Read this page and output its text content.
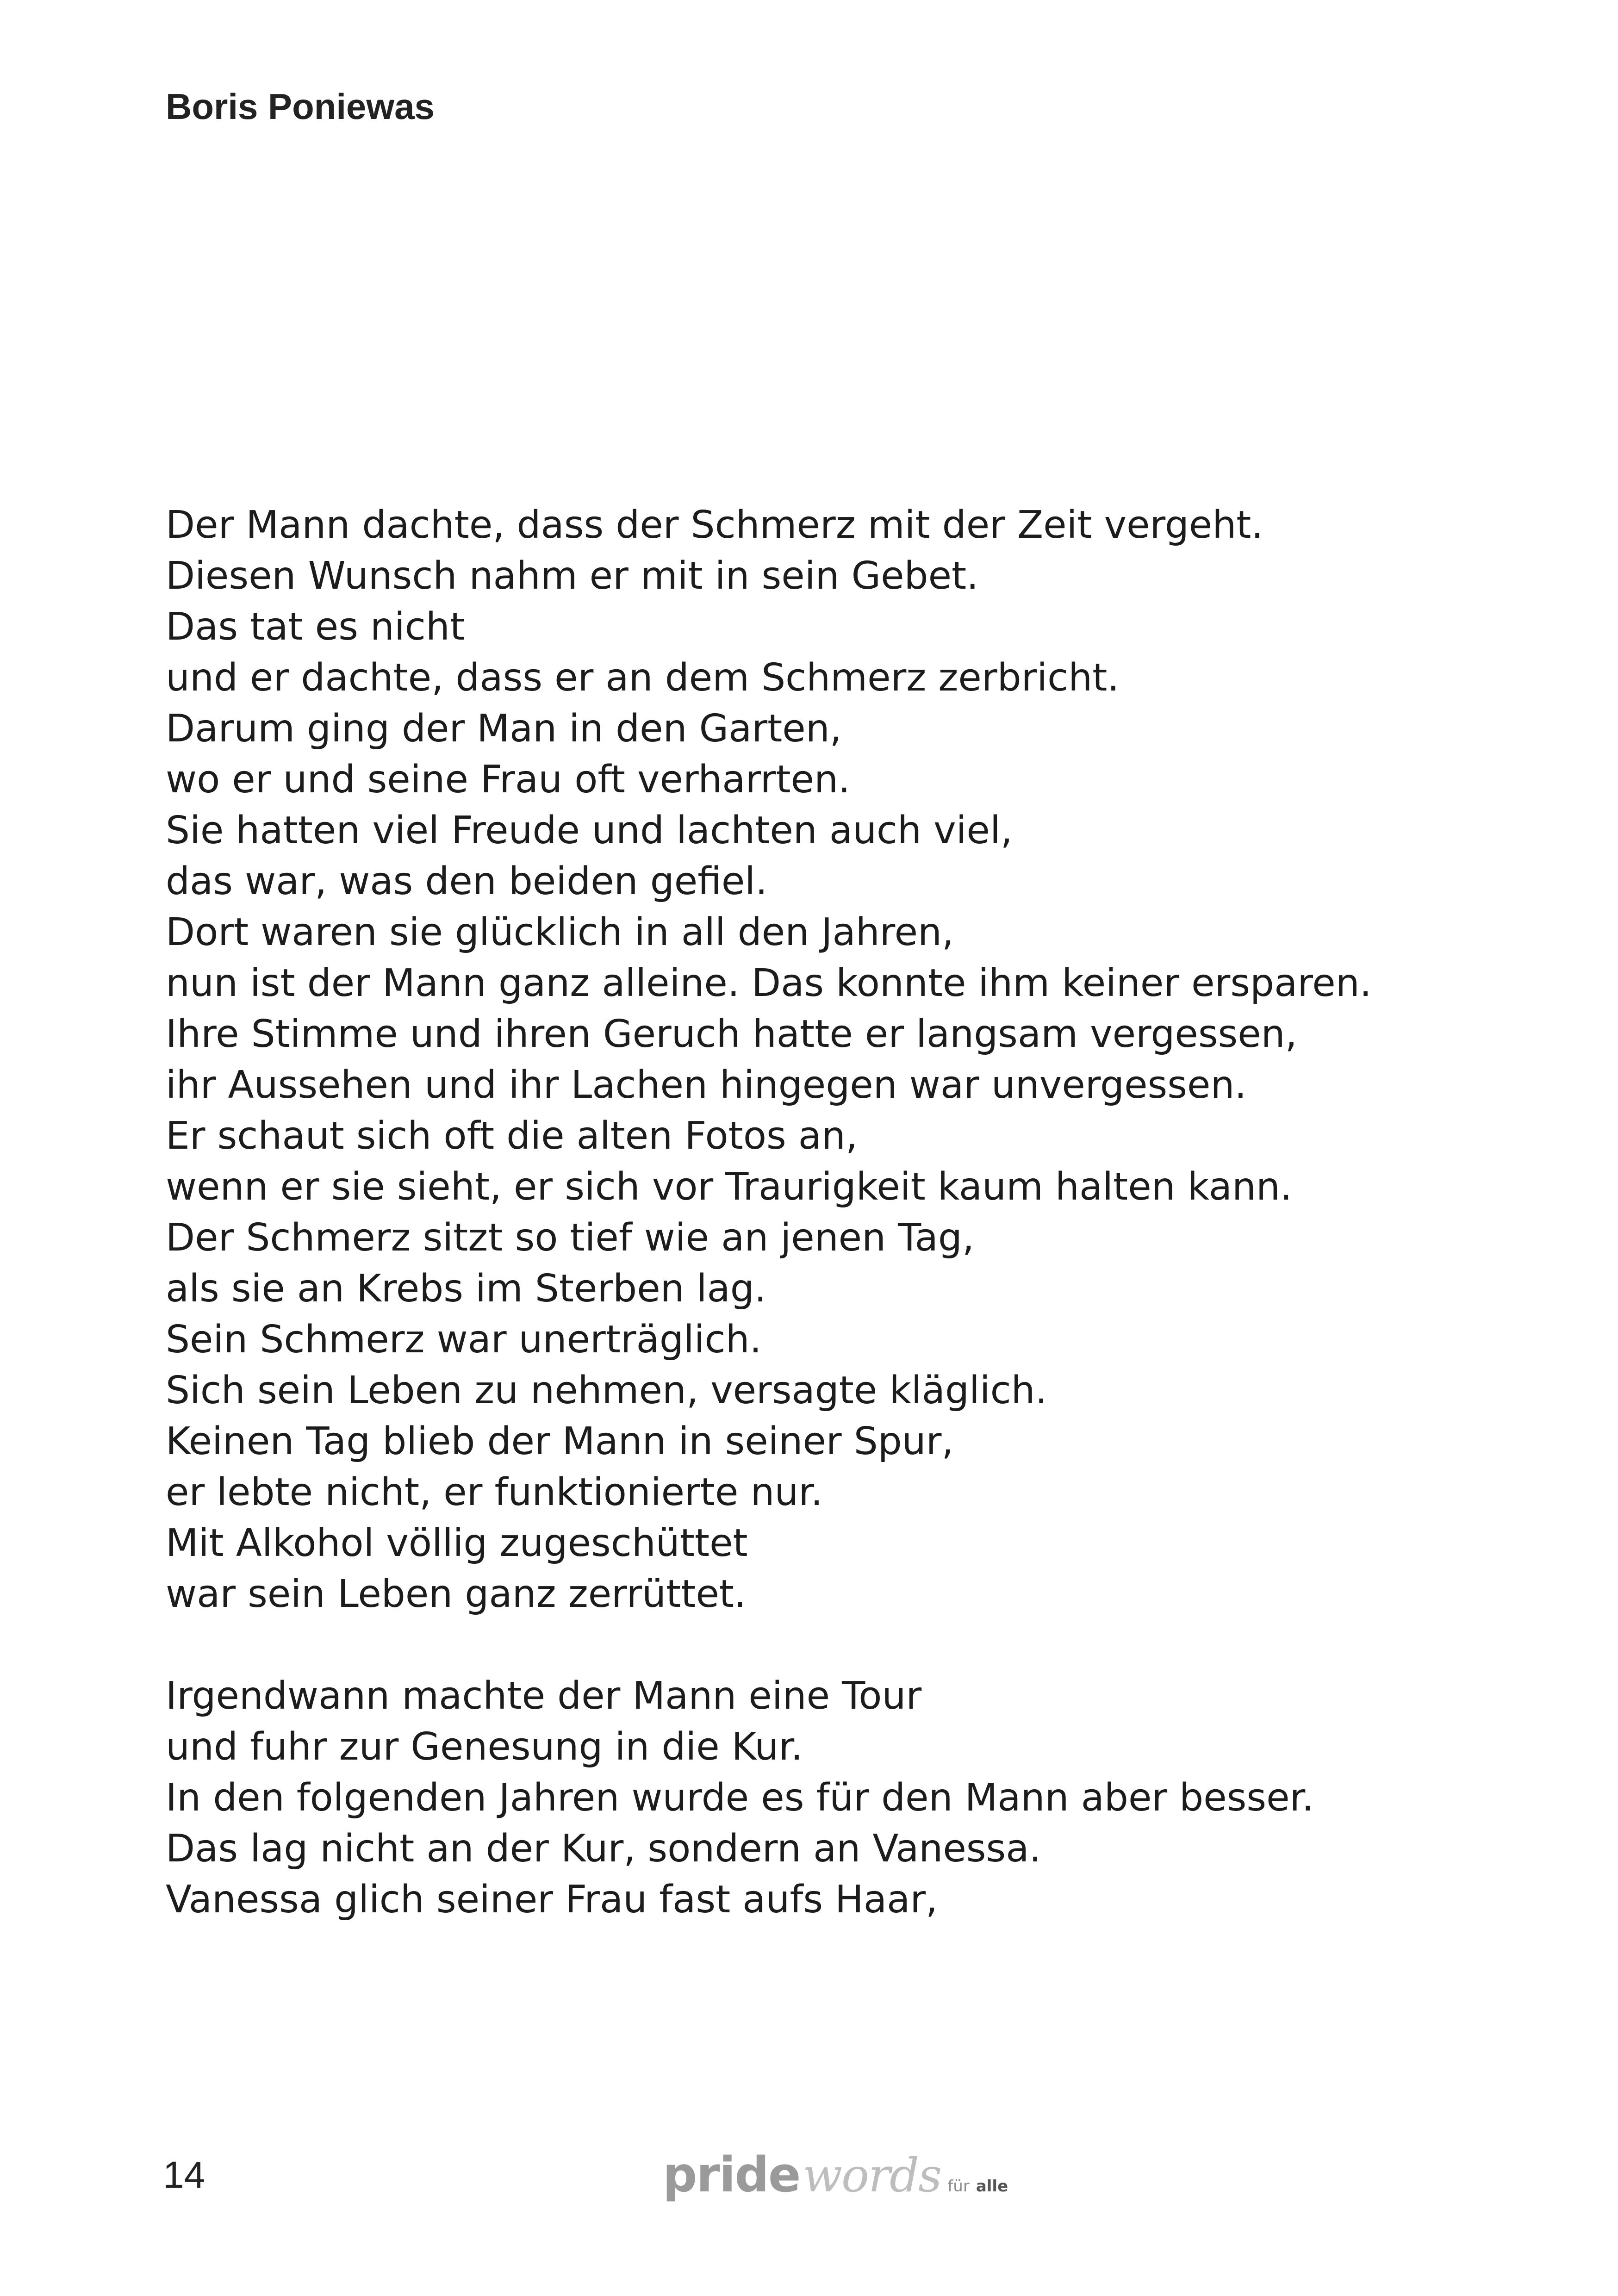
Boris Poniewas

Der Mann dachte, dass der Schmerz mit der Zeit vergeht.
Diesen Wunsch nahm er mit in sein Gebet.
Das tat es nicht
und er dachte, dass er an dem Schmerz zerbricht.
Darum ging der Man in den Garten,
wo er und seine Frau oft verharrten.
Sie hatten viel Freude und lachten auch viel,
das war, was den beiden gefiel.
Dort waren sie glücklich in all den Jahren,
nun ist der Mann ganz alleine. Das konnte ihm keiner ersparen.
Ihre Stimme und ihren Geruch hatte er langsam vergessen,
ihr Aussehen und ihr Lachen hingegen war unvergessen.
Er schaut sich oft die alten Fotos an,
wenn er sie sieht, er sich vor Traurigkeit kaum halten kann.
Der Schmerz sitzt so tief wie an jenen Tag,
als sie an Krebs im Sterben lag.
Sein Schmerz war unerträglich.
Sich sein Leben zu nehmen, versagte kläglich.
Keinen Tag blieb der Mann in seiner Spur,
er lebte nicht, er funktionierte nur.
Mit Alkohol völlig zugeschüttet
war sein Leben ganz zerrüttet.

Irgendwann machte der Mann eine Tour
und fuhr zur Genesung in die Kur.
In den folgenden Jahren wurde es für den Mann aber besser.
Das lag nicht an der Kur, sondern an Vanessa.
Vanessa glich seiner Frau fast aufs Haar,

14	pride words für alle
